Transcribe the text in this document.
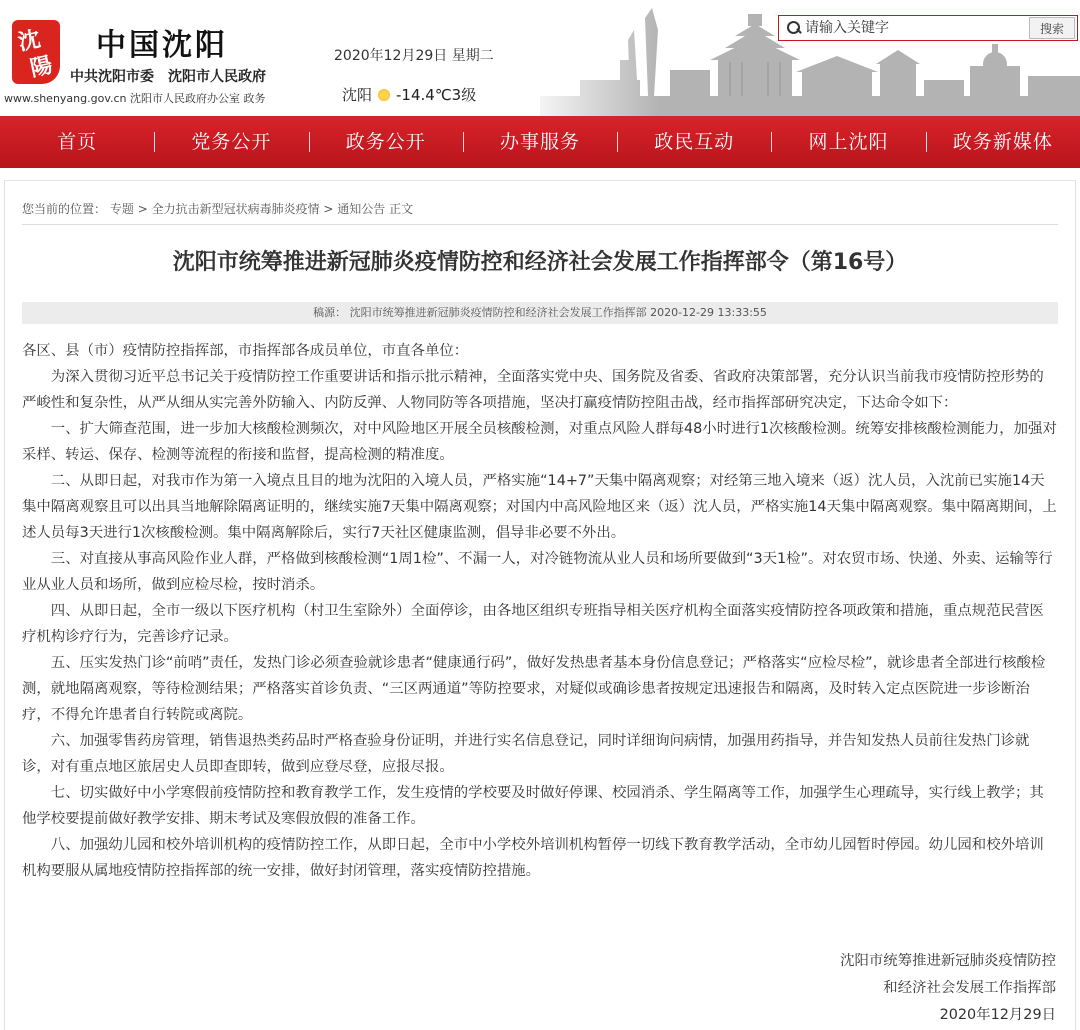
沈
陽
中国沈阳
中共沈阳市委　沈阳市人民政府
www.shenyang.gov.cn 沈阳市人民政府办公室 政务
2020年12月29日 星期二
沈阳 -14.4℃3级
请输入关键字
搜索
首页	党务公开	政务公开	办事服务	政民互动	网上沈阳	政务新媒体
您当前的位置： 专题 > 全力抗击新型冠状病毒肺炎疫情 > 通知公告 正文
沈阳市统筹推进新冠肺炎疫情防控和经济社会发展工作指挥部令（第16号）
稿源： 沈阳市统筹推进新冠肺炎疫情防控和经济社会发展工作指挥部 2020-12-29 13:33:55

各区、县（市）疫情防控指挥部，市指挥部各成员单位，市直各单位：

为深入贯彻习近平总书记关于疫情防控工作重要讲话和指示批示精神，全面落实党中央、国务院及省委、省政府决策部署，充分认识当前我市疫情防控形势的严峻性和复杂性，从严从细从实完善外防输入、内防反弹、人物同防等各项措施，坚决打赢疫情防控阻击战，经市指挥部研究决定，下达命令如下：

一、扩大筛查范围，进一步加大核酸检测频次，对中风险地区开展全员核酸检测，对重点风险人群每48小时进行1次核酸检测。统筹安排核酸检测能力，加强对采样、转运、保存、检测等流程的衔接和监督，提高检测的精准度。

二、从即日起，对我市作为第一入境点且目的地为沈阳的入境人员，严格实施“14+7”天集中隔离观察；对经第三地入境来（返）沈人员，入沈前已实施14天集中隔离观察且可以出具当地解除隔离证明的，继续实施7天集中隔离观察；对国内中高风险地区来（返）沈人员，严格实施14天集中隔离观察。集中隔离期间，上述人员每3天进行1次核酸检测。集中隔离解除后，实行7天社区健康监测，倡导非必要不外出。

三、对直接从事高风险作业人群，严格做到核酸检测“1周1检”、不漏一人，对冷链物流从业人员和场所要做到“3天1检”。对农贸市场、快递、外卖、运输等行业从业人员和场所，做到应检尽检，按时消杀。

四、从即日起，全市一级以下医疗机构（村卫生室除外）全面停诊，由各地区组织专班指导相关医疗机构全面落实疫情防控各项政策和措施，重点规范民营医疗机构诊疗行为，完善诊疗记录。

五、压实发热门诊“前哨”责任，发热门诊必须查验就诊患者“健康通行码”，做好发热患者基本身份信息登记；严格落实“应检尽检”，就诊患者全部进行核酸检测，就地隔离观察，等待检测结果；严格落实首诊负责、“三区两通道”等防控要求，对疑似或确诊患者按规定迅速报告和隔离，及时转入定点医院进一步诊断治疗，不得允许患者自行转院或离院。

六、加强零售药房管理，销售退热类药品时严格查验身份证明，并进行实名信息登记，同时详细询问病情，加强用药指导，并告知发热人员前往发热门诊就诊，对有重点地区旅居史人员即查即转，做到应登尽登，应报尽报。

七、切实做好中小学寒假前疫情防控和教育教学工作，发生疫情的学校要及时做好停课、校园消杀、学生隔离等工作，加强学生心理疏导，实行线上教学；其他学校要提前做好教学安排、期末考试及寒假放假的准备工作。

八、加强幼儿园和校外培训机构的疫情防控工作，从即日起，全市中小学校外培训机构暂停一切线下教育教学活动，全市幼儿园暂时停园。幼儿园和校外培训机构要服从属地疫情防控指挥部的统一安排，做好封闭管理，落实疫情防控措施。

沈阳市统筹推进新冠肺炎疫情防控
和经济社会发展工作指挥部
2020年12月29日
